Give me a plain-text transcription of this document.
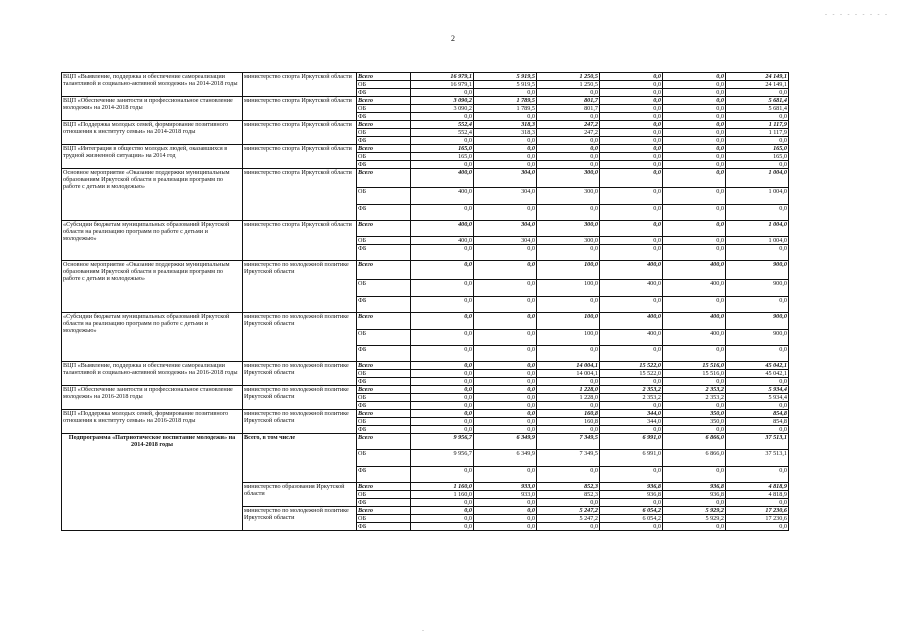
2
- - - - - - - - -
-
ВЦП «Выявление, поддержка и обеспечение самореализации талантливой и социально-активной молодежи» на 2014-2018 годы	министерство спорта Иркутской области	Всего	16 979,1	5 919,5	1 250,5	0,0	0,0	24 149,1
		ОБ	16 979,1	5 919,5	1 250,5	0,0	0,0	24 149,1
		ФБ	0,0	0,0	0,0	0,0	0,0	0,0
ВЦП «Обеспечение занятости и профессиональное становление молодежи» на 2014-2018 годы	министерство спорта Иркутской области	Всего	3 090,2	1 789,5	801,7	0,0	0,0	5 681,4
		ОБ	3 090,2	1 789,5	801,7	0,0	0,0	5 681,4
		ФБ	0,0	0,0	0,0	0,0	0,0	0,0
ВЦП «Поддержка молодых семей, формирование позитивного отношения к институту семьи» на 2014-2018 годы	министерство спорта Иркутской области	Всего	552,4	318,3	247,2	0,0	0,0	1 117,9
		ОБ	552,4	318,3	247,2	0,0	0,0	1 117,9
		ФБ	0,0	0,0	0,0	0,0	0,0	0,0
ВЦП «Интеграция в общество молодых людей, оказавшихся в трудной жизненной ситуации» на 2014 год	министерство спорта Иркутской области	Всего	165,0	0,0	0,0	0,0	0,0	165,0
		ОБ	165,0	0,0	0,0	0,0	0,0	165,0
		ФБ	0,0	0,0	0,0	0,0	0,0	0,0
Основное мероприятие «Оказание поддержки муниципальным образованиям Иркутской области в реализации программ по работе с детьми и молодежью»	министерство спорта Иркутской области	Всего	400,0	304,0	300,0	0,0	0,0	1 004,0
		ОБ	400,0	304,0	300,0	0,0	0,0	1 004,0
		ФБ	0,0	0,0	0,0	0,0	0,0	0,0
«Субсидии бюджетам муниципальных образований Иркутской области на реализацию программ по работе с детьми и молодежью»	министерство спорта Иркутской области	Всего	400,0	304,0	300,0	0,0	0,0	1 004,0
		ОБ	400,0	304,0	300,0	0,0	0,0	1 004,0
		ФБ	0,0	0,0	0,0	0,0	0,0	0,0
Основное мероприятие «Оказание поддержки муниципальным образованиям Иркутской области в реализации программ по работе с детьми и молодежью»	министерство по молодежной политике Иркутской области	Всего	0,0	0,0	100,0	400,0	400,0	900,0
		ОБ	0,0	0,0	100,0	400,0	400,0	900,0
		ФБ	0,0	0,0	0,0	0,0	0,0	0,0
«Субсидии бюджетам муниципальных образований Иркутской области на реализацию программ по работе с детьми и молодежью»	министерство по молодежной политике Иркутской области	Всего	0,0	0,0	100,0	400,0	400,0	900,0
		ОБ	0,0	0,0	100,0	400,0	400,0	900,0
		ФБ	0,0	0,0	0,0	0,0	0,0	0,0
ВЦП «Выявление, поддержка и обеспечение самореализации талантливой и социально-активной молодежи» на 2016-2018 годы	министерство по молодежной политике Иркутской области	Всего	0,0	0,0	14 004,1	15 522,0	15 516,0	45 042,1
		ОБ	0,0	0,0	14 004,1	15 522,0	15 516,0	45 042,1
		ФБ	0,0	0,0	0,0	0,0	0,0	0,0
ВЦП «Обеспечение занятости и профессиональное становление молодежи» на 2016-2018 годы	министерство по молодежной политике Иркутской области	Всего	0,0	0,0	1 228,0	2 353,2	2 353,2	5 934,4
		ОБ	0,0	0,0	1 228,0	2 353,2	2 353,2	5 934,4
		ФБ	0,0	0,0	0,0	0,0	0,0	0,0
ВЦП «Поддержка молодых семей, формирование позитивного отношения к институту семьи» на 2016-2018 годы	министерство по молодежной политике Иркутской области	Всего	0,0	0,0	160,8	344,0	350,0	854,8
		ОБ	0,0	0,0	160,8	344,0	350,0	854,8
		ФБ	0,0	0,0	0,0	0,0	0,0	0,0
Подпрограмма «Патриотическое воспитание молодежи» на 2014-2018 годы	Всего, в том числе	Всего	9 956,7	6 349,9	7 349,5	6 991,0	6 866,0	37 513,1
		ОБ	9 956,7	6 349,9	7 349,5	6 991,0	6 866,0	37 513,1
		ФБ	0,0	0,0	0,0	0,0	0,0	0,0
	министерство образования Иркутской области	Всего	1 160,0	933,0	852,3	936,8	936,8	4 818,9
		ОБ	1 160,0	933,0	852,3	936,8	936,8	4 818,9
		ФБ	0,0	0,0	0,0	0,0	0,0	0,0
	министерство по молодежной политике Иркутской области	Всего	0,0	0,0	5 247,2	6 054,2	5 929,2	17 230,6
		ОБ	0,0	0,0	5 247,2	6 054,2	5 929,2	17 230,6
		ФБ	0,0	0,0	0,0	0,0	0,0	0,0
